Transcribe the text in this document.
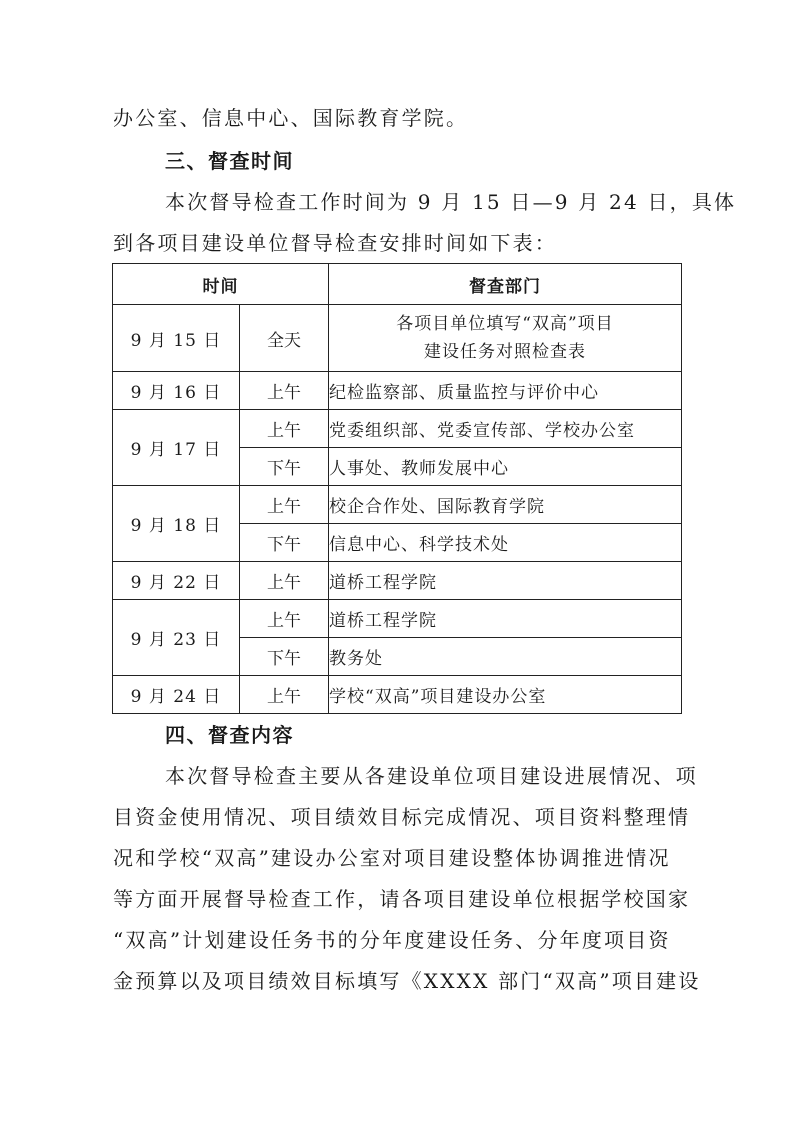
办公室、信息中心、国际教育学院。
三、督查时间
本次督导检查工作时间为 9 月 15 日—9 月 24 日，具体
到各项目建设单位督导检查安排时间如下表：
时间		督查部门
9 月 15 日	全天	各项目单位填写“双高”项目
建设任务对照检查表

9 月 16 日	上午	纪检监察部、质量监控与评价中心
9 月 17 日	上午	党委组织部、党委宣传部、学校办公室
	下午	人事处、教师发展中心
9 月 18 日	上午	校企合作处、国际教育学院
	下午	信息中心、科学技术处
9 月 22 日	上午	道桥工程学院
9 月 23 日	上午	道桥工程学院
	下午	教务处
9 月 24 日	上午	学校“双高”项目建设办公室
四、督查内容
本次督导检查主要从各建设单位项目建设进展情况、项
目资金使用情况、项目绩效目标完成情况、项目资料整理情
况和学校“双高”建设办公室对项目建设整体协调推进情况
等方面开展督导检查工作，请各项目建设单位根据学校国家
“双高”计划建设任务书的分年度建设任务、分年度项目资
金预算以及项目绩效目标填写《XXXX 部门“双高”项目建设
